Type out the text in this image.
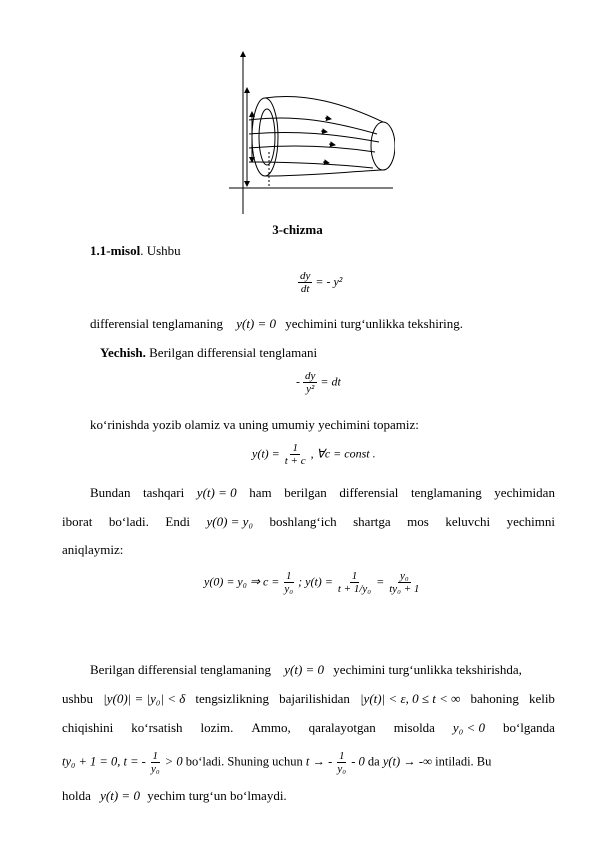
3-chizma
1.1-misol. Ushbu
$\frac{dy}{dt}$ = - y²
differensial tenglamaning y(t) = 0 yechimini turg‘unlikka tekshiring.
Yechish. Berilgan differensial tenglamani
- $\frac{dy}{\text{y²}}$ = dt
ko‘rinishda yozib olamiz va uning umumiy yechimini topamiz:
$y(t) = \frac{1}{t + c}$ , ∀c = const .
Bundan tashqari y(t) = 0 ham berilgan differensial tenglamaning yechimidan
iborat bo‘ladi. Endi y(0) = y₀ boshlang‘ich shartga mos keluvchi yechimni
aniqlaymiz:
y(0) = y₀ ⇒ $c = \frac{1}{\text{y₀}}$ ; $y(t) = \frac{1}{\text{t + 1/y₀}} = \frac{\text{y₀}}{\text{ty₀ + 1}}$
Berilgan differensial tenglamaning y(t) = 0 yechimini turg‘unlikka tekshirishda,
ushbu |y(0)| = |y₀| < δ tengsizlikning bajarilishidan |y(t)| < ε, 0 ≤ t < ∞ bahoning kelib
chiqishini ko‘rsatish lozim. Ammo, qaralayotgan misolda y₀ < 0 bo‘lganda
ty₀ + 1 = 0, t = - $\frac{1}{\text{y₀}} > 0$ bo‘ladi. Shuning uchun t → - $\frac{1}{\text{y₀}} - 0$ da y(t) → -∞ intiladi. Bu
holda y(t) = 0 yechim turg‘un bo‘lmaydi.
